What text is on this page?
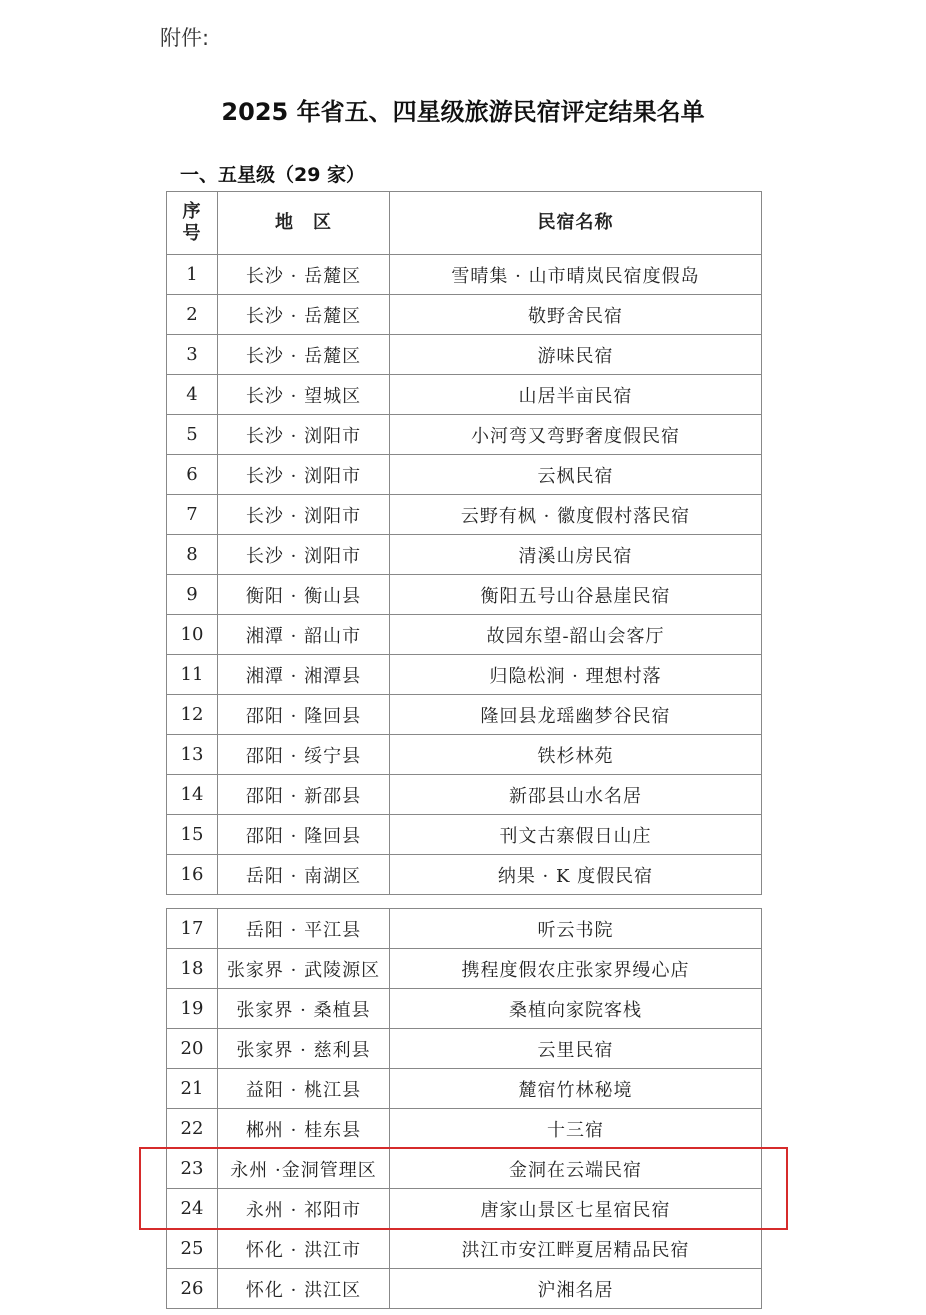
附件:
2025 年省五、四星级旅游民宿评定结果名单
一、五星级（29 家）
序号	地　区	民宿名称
1	长沙 · 岳麓区	雪晴集 · 山市晴岚民宿度假岛
2	长沙 · 岳麓区	敬野舍民宿
3	长沙 · 岳麓区	游味民宿
4	长沙 · 望城区	山居半亩民宿
5	长沙 · 浏阳市	小河弯又弯野奢度假民宿
6	长沙 · 浏阳市	云枫民宿
7	长沙 · 浏阳市	云野有枫 · 徽度假村落民宿
8	长沙 · 浏阳市	清溪山房民宿
9	衡阳 · 衡山县	衡阳五号山谷悬崖民宿
10	湘潭 · 韶山市	故园东望-韶山会客厅
11	湘潭 · 湘潭县	归隐松涧 · 理想村落
12	邵阳 · 隆回县	隆回县龙瑶幽梦谷民宿
13	邵阳 · 绥宁县	铁杉林苑
14	邵阳 · 新邵县	新邵县山水名居
15	邵阳 · 隆回县	刊文古寨假日山庄
16	岳阳 · 南湖区	纳果 · K 度假民宿
17	岳阳 · 平江县	听云书院
18	张家界 · 武陵源区	携程度假农庄张家界缦心店
19	张家界 · 桑植县	桑植向家院客栈
20	张家界 · 慈利县	云里民宿
21	益阳 · 桃江县	麓宿竹林秘境
22	郴州 · 桂东县	十三宿
23	永州 ·金洞管理区	金洞在云端民宿
24	永州 · 祁阳市	唐家山景区七星宿民宿
25	怀化 · 洪江市	洪江市安江畔夏居精品民宿
26	怀化 · 洪江区	沪湘名居
